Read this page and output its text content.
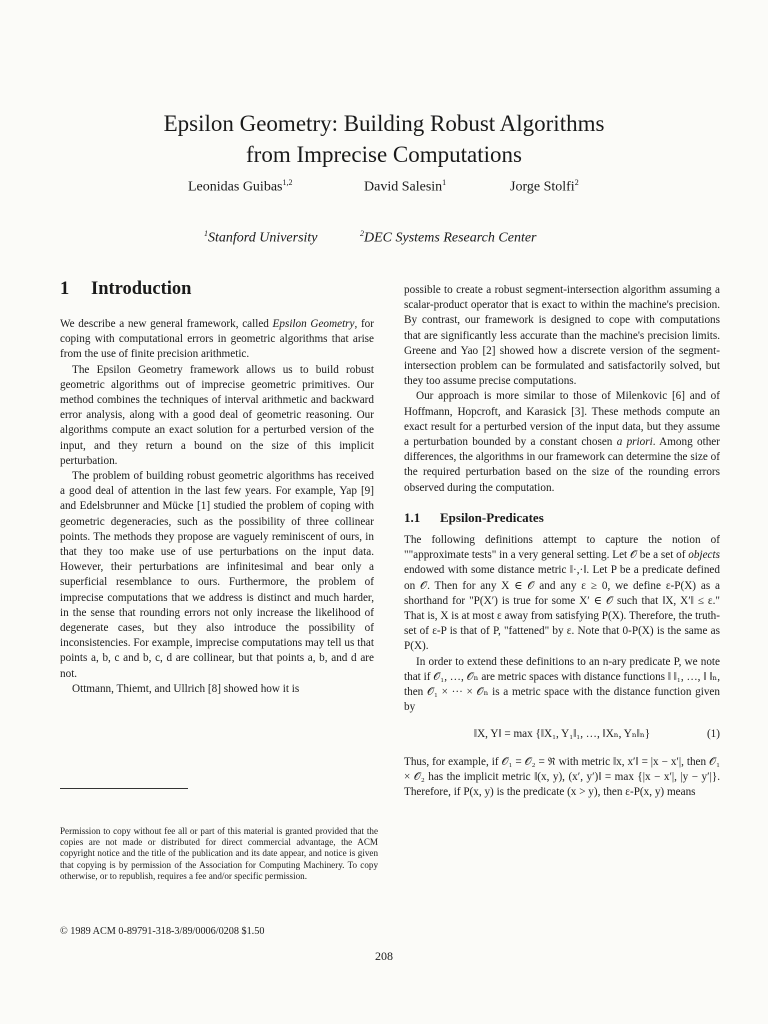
Epsilon Geometry: Building Robust Algorithms
from Imprecise Computations
Leonidas Guibas$^{1,2}$	David Salesin$^1$	Jorge Stolfi$^2$
$^1$Stanford University	$^2$DEC Systems Research Center
1 Introduction

We describe a new general framework, called Epsilon Geometry, for coping with computational errors in geometric algorithms that arise from the use of finite precision arithmetic.

The Epsilon Geometry framework allows us to build robust geometric algorithms out of imprecise geometric primitives. Our method combines the techniques of interval arithmetic and backward error analysis, along with a good deal of geometric reasoning. Our algorithms compute an exact solution for a perturbed version of the input, and they return a bound on the size of this implicit perturbation.

The problem of building robust geometric algorithms has received a good deal of attention in the last few years. For example, Yap [9] and Edelsbrunner and Mücke [1] studied the problem of coping with geometric degeneracies, such as the possibility of three collinear points. The methods they propose are vaguely reminiscent of ours, in that they too make use of use perturbations on the input data. However, their perturbations are infinitesimal and bear only a superficial resemblance to ours. Furthermore, the problem of imprecise computations that we address is distinct and much harder, in the sense that rounding errors not only increase the likelihood of degenerate cases, but they also introduce the possibility of inconsistencies. For example, imprecise computations may tell us that points a, b, c and b, c, d are collinear, but that points a, b, and d are not.

Ottmann, Thiemt, and Ullrich [8] showed how it is

Permission to copy without fee all or part of this material is granted provided that the copies are not made or distributed for direct commercial advantage, the ACM copyright notice and the title of the publication and its date appear, and notice is given that copying is by permission of the Association for Computing Machinery. To copy otherwise, or to republish, requires a fee and/or specific permission.
© 1989 ACM 0-89791-318-3/89/0006/0208 $1.50

possible to create a robust segment-intersection algorithm assuming a scalar-product operator that is exact to within the machine's precision. By contrast, our framework is designed to cope with computations that are significantly less accurate than the machine's precision limits. Greene and Yao [2] showed how a discrete version of the segment-intersection problem can be formulated and satisfactorily solved, but they too assume precise computations.

Our approach is more similar to those of Milenkovic [6] and of Hoffmann, Hopcroft, and Karasick [3]. These methods compute an exact result for a perturbed version of the input data, but they assume a perturbation bounded by a constant chosen a priori. Among other differences, the algorithms in our framework can determine the size of the required perturbation based on the size of the rounding errors observed during the computation.

1.1 Epsilon-Predicates

The following definitions attempt to capture the notion of ""approximate tests" in a very general setting. Let 𝒪 be a set of objects endowed with some distance metric ‖·,·‖. Let P be a predicate defined on 𝒪. Then for any X ∈ 𝒪 and any ε ≥ 0, we define ε-P(X) as a shorthand for "P(X′) is true for some X′ ∈ 𝒪 such that ‖X, X′‖ ≤ ε." That is, X is at most ε away from satisfying P(X). Therefore, the truth-set of ε-P is that of P, "fattened" by ε. Note that 0-P(X) is the same as P(X).

In order to extend these definitions to an n-ary predicate P, we note that if 𝒪₁, …, 𝒪ₙ are metric spaces with distance functions ‖ ‖₁, …, ‖ ‖ₙ, then 𝒪₁ × ··· × 𝒪ₙ is a metric space with the distance function given by

‖X, Y‖ = max {‖X₁, Y₁‖₁, …, ‖Xₙ, Yₙ‖ₙ}	(1)

Thus, for example, if 𝒪₁ = 𝒪₂ = ℜ with metric ‖x, x′‖ = |x − x′|, then 𝒪₁ × 𝒪₂ has the implicit metric ‖(x, y), (x′, y′)‖ = max {|x − x′|, |y − y′|}. Therefore, if P(x, y) is the predicate (x > y), then ε-P(x, y) means

208
